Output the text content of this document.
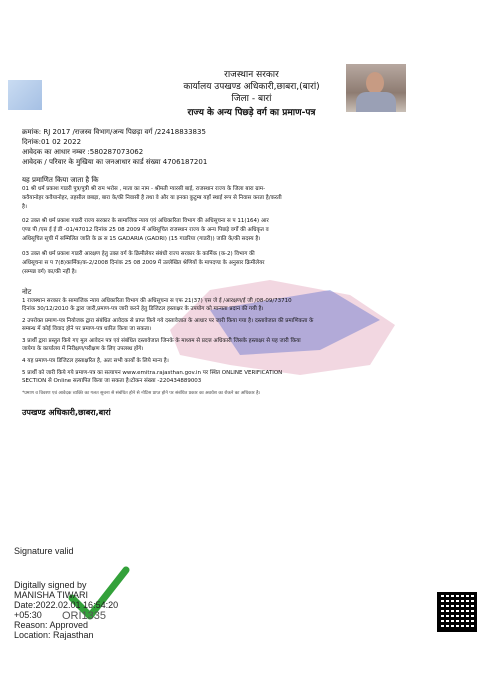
राजस्थान सरकार
कार्यालय उपखण्ड अधिकारी,छाबरा,(बारां)
जिला - बारां
राज्य के अन्य पिछड़े वर्ग का प्रमाण-पत्र
क्रमांक: RJ 2017 /राजस्व विभाग/अन्य पिछड़ा वर्ग /22418833835
दिनांक:01 02 2022
आवेदक का आधार नम्बर :580287073062
आवेदक / परिवार के मुखिया का जनआधार कार्ड संख्या 4706187201
यह प्रमाणित किया जाता है कि
01 श्री धर्म प्रकाश गाडरी पुत्र/पुत्री श्री राम भरोस , माता का नाम - श्रीमती ग्यारसी बाई, राजस्थान राज्य के जिला बारा ग्राम-
कवैयानोहर कवैयानोहर, तहसील छबड़ा, बारा के/की निवासी है तथा वे और या इनका कुटुम्ब यहाँ स्थाई रूप से निवास करता है/करती
है।
02 उक्त श्री धर्म प्रकाश गाडरी राज्य सरकार के सामाजिक न्याय एवं अधिकारिता विभाग की अधिसूचना स प 11(164) आर
एण्ड पी /एस ई ई डी -01/47012 दिनांक 25 08 2009 में अधिसूचित राजस्थान राज्य के अन्य पिछड़े वर्गों की अधिकृत व
अधिसूचित सूची में सम्मिलित जाति के क्र स 15 GADARIA (GADRI) (15 गाडरिया (गाडरी)) जाति के/की सदस्य है।
03 उक्त श्री धर्म प्रकाश गाडरी आरक्षण हेतु उक्त वर्ग के क्रिमीलेयर संबंधी राज्य सरकार के कार्मिक (क-2) विभाग की
अधिसूचना स प 7(8)कार्मिक/क-2/2008 दिनांक 25 08 2009 में उल्लेखित श्रेणियों के मापदण्ड के अनुसार क्रिमीलेयर
(सम्पन्न वर्ग) का/की नहीं है।
नोट
1 राजस्थान सरकार के सामाजिक न्याय अधिकारिता विभाग की अधिसूचना स एफ 21(37) एस जे ई /आरक्षण/ई जी /08-09/73710
दिनांक 30/12/2010 के द्वारा जारी,प्रमाण-पत्र जारी करने हेतु डिजिटल हस्ताक्षर के उपयोग को मान्यता प्रदान की गयी है।
2 उपरोक्त प्रमाण-पत्र नियोजक द्वारा संबंधित आवेदक से प्राप्त किये गये दस्तावेजात के आधार पर जारी किया गया है। दस्तावेजात की प्रमाणिकता के
सम्बन्ध में कोई विवाद होने पर प्रमाण-पत्र धारित किया जा सकता।
3 प्रार्थी द्वारा प्रस्तुत किये गए मूल आवेदन पत्र एवं संबंधित दस्तावेजात जिनके के माध्यम से प्रदत्त अधिकारी जिसके हस्ताक्षर से यह जारी किया
जायेगा के कार्यालय में निरीक्षण/परीक्षण के लिए उपलब्ध होंगे।
4 यह प्रमाण-पत्र डिजिटल हस्ताक्षरित है, अतः सभी कार्यों के लिये मान्य है।
5 प्रार्थी को जारी किये गये प्रमाण-पत्र का सत्यापन www.emitra.rajasthan.gov.in पर स्थित ONLINE VERIFICATION
SECTION से Online सत्यापित किया जा सकता है।टोकन संख्या -220434889003
*प्रमाण व विवरण एवं आवेदक व्यक्ति का गलत सूचना से संबंधित होने से नोटिस प्राप्त होने पर संबंधित प्रकार का अवधेश का रोकने का अधिकार है।
उपखण्ड अधिकारी,छाबरा,बारां
Signature valid
Digitally signed by
MANISHA TIWARI
Date:2022.02.01 16:54:20
+05:30 ORI1335
Reason: Approved
Location: Rajasthan
